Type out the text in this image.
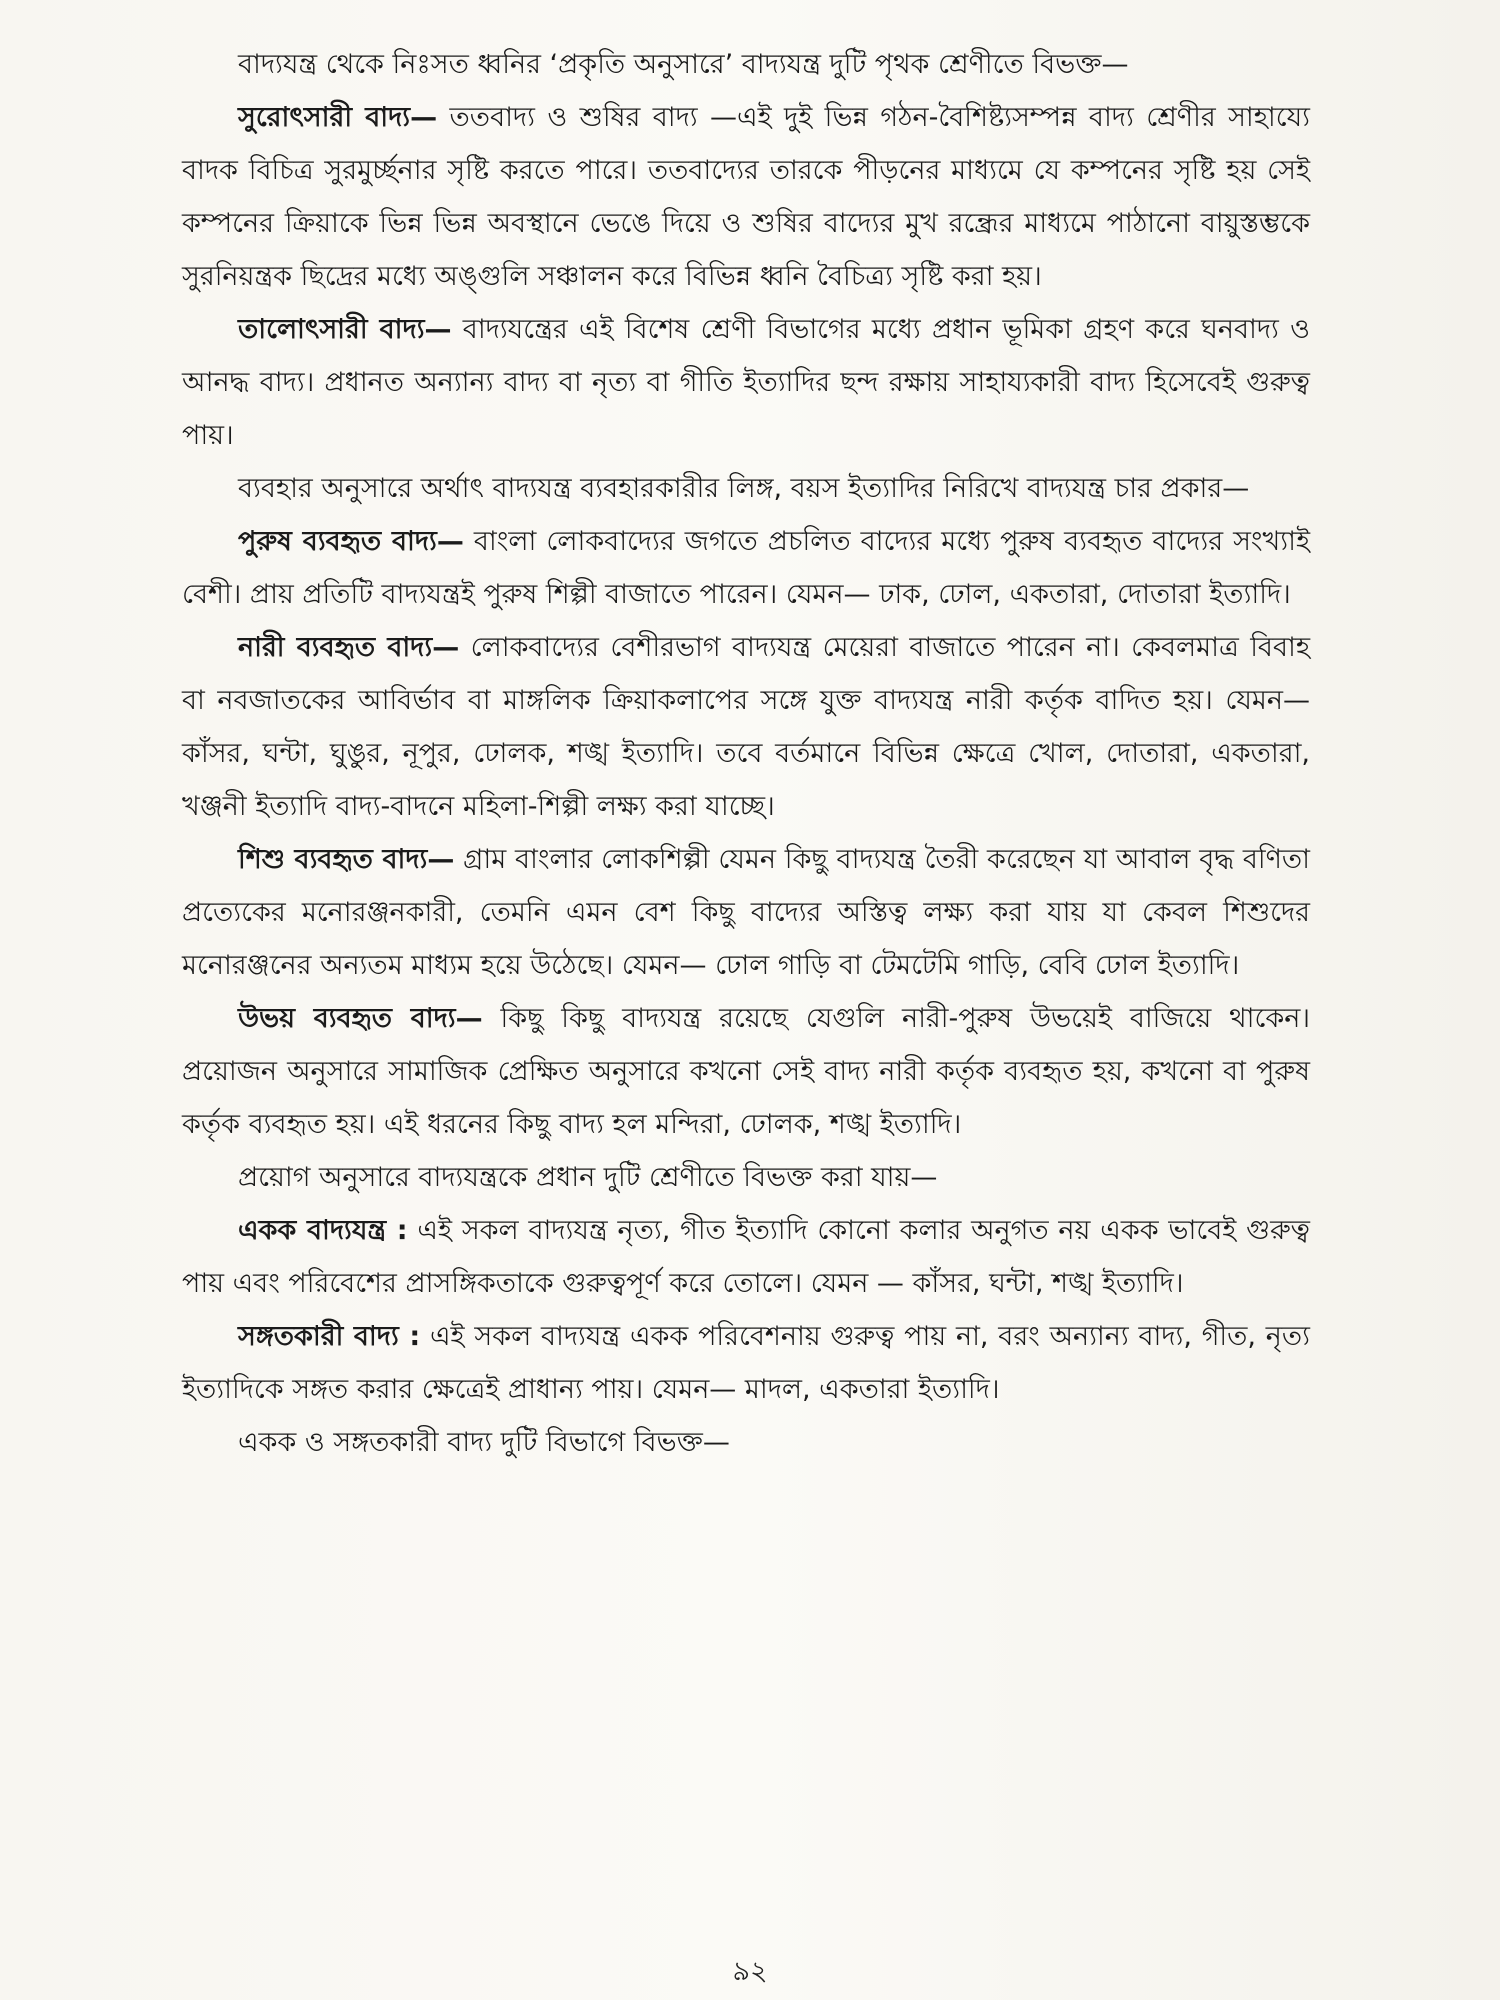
বাদ্যযন্ত্র থেকে নিঃসত ধ্বনির ‘প্রকৃতি অনুসারে’ বাদ্যযন্ত্র দুটি পৃথক শ্রেণীতে বিভক্ত—

সুরোৎসারী বাদ্য— ততবাদ্য ও শুষির বাদ্য —এই দুই ভিন্ন গঠন-বৈশিষ্ট্যসম্পন্ন বাদ্য শ্রেণীর সাহায্যে বাদক বিচিত্র সুরমুর্চ্ছনার সৃষ্টি করতে পারে। ততবাদ্যের তারকে পীড়নের মাধ্যমে যে কম্পনের সৃষ্টি হয় সেই কম্পনের ক্রিয়াকে ভিন্ন ভিন্ন অবস্থানে ভেঙে দিয়ে ও শুষির বাদ্যের মুখ রন্ধ্রের মাধ্যমে পাঠানো বায়ুস্তম্ভকে সুরনিয়ন্ত্রক ছিদ্রের মধ্যে অঙ্গুলি সঞ্চালন করে বিভিন্ন ধ্বনি বৈচিত্র্য সৃষ্টি করা হয়।

তালোৎসারী বাদ্য— বাদ্যযন্ত্রের এই বিশেষ শ্রেণী বিভাগের মধ্যে প্রধান ভূমিকা গ্রহণ করে ঘনবাদ্য ও আনদ্ধ বাদ্য। প্রধানত অন্যান্য বাদ্য বা নৃত্য বা গীতি ইত্যাদির ছন্দ রক্ষায় সাহায্যকারী বাদ্য হিসেবেই গুরুত্ব পায়।

ব্যবহার অনুসারে অর্থাৎ বাদ্যযন্ত্র ব্যবহারকারীর লিঙ্গ, বয়স ইত্যাদির নিরিখে বাদ্যযন্ত্র চার প্রকার—

পুরুষ ব্যবহৃত বাদ্য— বাংলা লোকবাদ্যের জগতে প্রচলিত বাদ্যের মধ্যে পুরুষ ব্যবহৃত বাদ্যের সংখ্যাই বেশী। প্রায় প্রতিটি বাদ্যযন্ত্রই পুরুষ শিল্পী বাজাতে পারেন। যেমন— ঢাক, ঢোল, একতারা, দোতারা ইত্যাদি।

নারী ব্যবহৃত বাদ্য— লোকবাদ্যের বেশীরভাগ বাদ্যযন্ত্র মেয়েরা বাজাতে পারেন না। কেবলমাত্র বিবাহ বা নবজাতকের আবির্ভাব বা মাঙ্গলিক ক্রিয়াকলাপের সঙ্গে যুক্ত বাদ্যযন্ত্র নারী কর্তৃক বাদিত হয়। যেমন— কাঁসর, ঘন্টা, ঘুঙুর, নূপুর, ঢোলক, শঙ্খ ইত্যাদি। তবে বর্তমানে বিভিন্ন ক্ষেত্রে খোল, দোতারা, একতারা, খঞ্জনী ইত্যাদি বাদ্য-বাদনে মহিলা-শিল্পী লক্ষ্য করা যাচ্ছে।

শিশু ব্যবহৃত বাদ্য— গ্রাম বাংলার লোকশিল্পী যেমন কিছু বাদ্যযন্ত্র তৈরী করেছেন যা আবাল বৃদ্ধ বণিতা প্রত্যেকের মনোরঞ্জনকারী, তেমনি এমন বেশ কিছু বাদ্যের অস্তিত্ব লক্ষ্য করা যায় যা কেবল শিশুদের মনোরঞ্জনের অন্যতম মাধ্যম হয়ে উঠেছে। যেমন— ঢোল গাড়ি বা টেমটেমি গাড়ি, বেবি ঢোল ইত্যাদি।

উভয় ব্যবহৃত বাদ্য— কিছু কিছু বাদ্যযন্ত্র রয়েছে যেগুলি নারী-পুরুষ উভয়েই বাজিয়ে থাকেন। প্রয়োজন অনুসারে সামাজিক প্রেক্ষিত অনুসারে কখনো সেই বাদ্য নারী কর্তৃক ব্যবহৃত হয়, কখনো বা পুরুষ কর্তৃক ব্যবহৃত হয়। এই ধরনের কিছু বাদ্য হল মন্দিরা, ঢোলক, শঙ্খ ইত্যাদি।

প্রয়োগ অনুসারে বাদ্যযন্ত্রকে প্রধান দুটি শ্রেণীতে বিভক্ত করা যায়—

একক বাদ্যযন্ত্র : এই সকল বাদ্যযন্ত্র নৃত্য, গীত ইত্যাদি কোনো কলার অনুগত নয় একক ভাবেই গুরুত্ব পায় এবং পরিবেশের প্রাসঙ্গিকতাকে গুরুত্বপূর্ণ করে তোলে। যেমন — কাঁসর, ঘন্টা, শঙ্খ ইত্যাদি।

সঙ্গতকারী বাদ্য : এই সকল বাদ্যযন্ত্র একক পরিবেশনায় গুরুত্ব পায় না, বরং অন্যান্য বাদ্য, গীত, নৃত্য ইত্যাদিকে সঙ্গত করার ক্ষেত্রেই প্রাধান্য পায়। যেমন— মাদল, একতারা ইত্যাদি।

একক ও সঙ্গতকারী বাদ্য দুটি বিভাগে বিভক্ত—

৯২
